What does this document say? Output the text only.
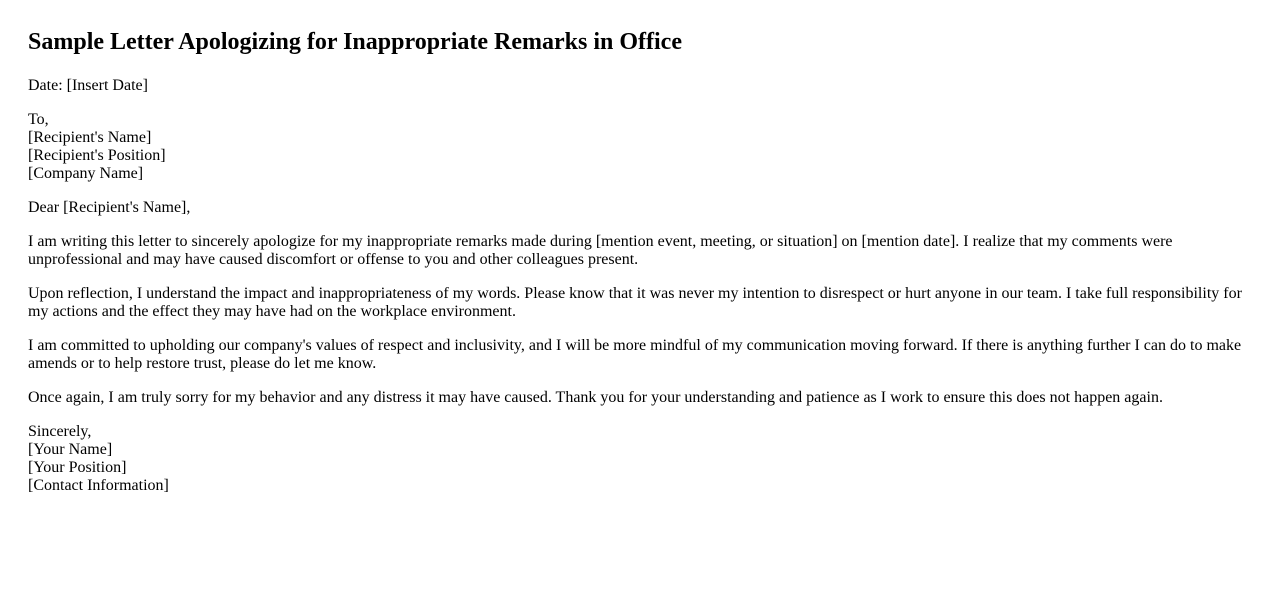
Sample Letter Apologizing for Inappropriate Remarks in Office

Date: [Insert Date]

To,
[Recipient's Name]
[Recipient's Position]
[Company Name]

Dear [Recipient's Name],

I am writing this letter to sincerely apologize for my inappropriate remarks made during [mention event, meeting, or situation] on [mention date]. I realize that my comments were unprofessional and may have caused discomfort or offense to you and other colleagues present.

Upon reflection, I understand the impact and inappropriateness of my words. Please know that it was never my intention to disrespect or hurt anyone in our team. I take full responsibility for my actions and the effect they may have had on the workplace environment.

I am committed to upholding our company's values of respect and inclusivity, and I will be more mindful of my communication moving forward. If there is anything further I can do to make amends or to help restore trust, please do let me know.

Once again, I am truly sorry for my behavior and any distress it may have caused. Thank you for your understanding and patience as I work to ensure this does not happen again.

Sincerely,
[Your Name]
[Your Position]
[Contact Information]
